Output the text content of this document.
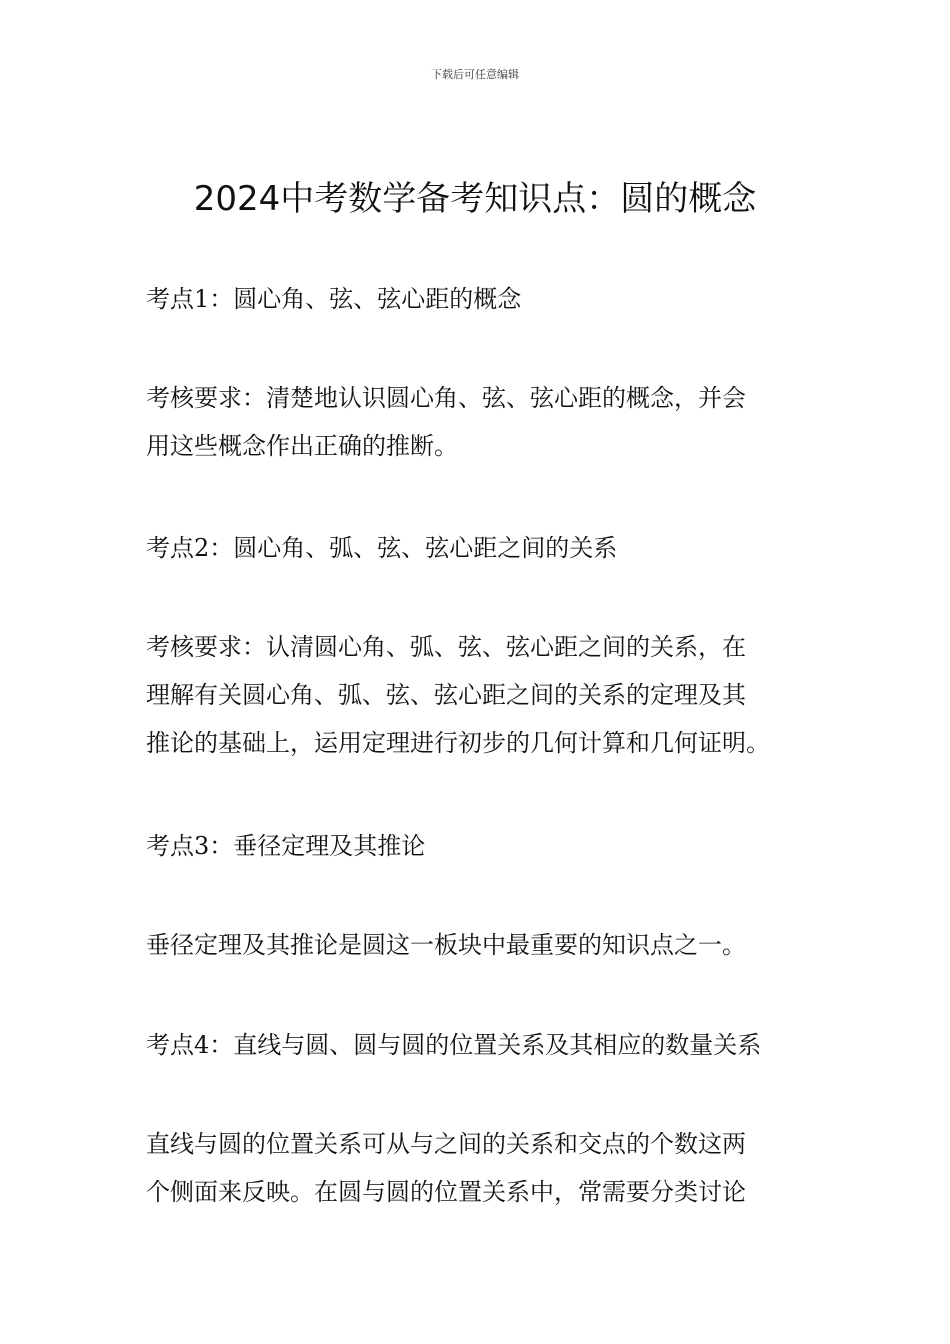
下载后可任意编辑
2024中考数学备考知识点：圆的概念

考点1：圆心角、弦、弦心距的概念

考核要求：清楚地认识圆心角、弦、弦心距的概念，并会
用这些概念作出正确的推断。

考点2：圆心角、弧、弦、弦心距之间的关系

考核要求：认清圆心角、弧、弦、弦心距之间的关系，在
理解有关圆心角、弧、弦、弦心距之间的关系的定理及其
推论的基础上，运用定理进行初步的几何计算和几何证明。

考点3：垂径定理及其推论

垂径定理及其推论是圆这一板块中最重要的知识点之一。

考点4：直线与圆、圆与圆的位置关系及其相应的数量关系

直线与圆的位置关系可从与之间的关系和交点的个数这两
个侧面来反映。在圆与圆的位置关系中，常需要分类讨论
